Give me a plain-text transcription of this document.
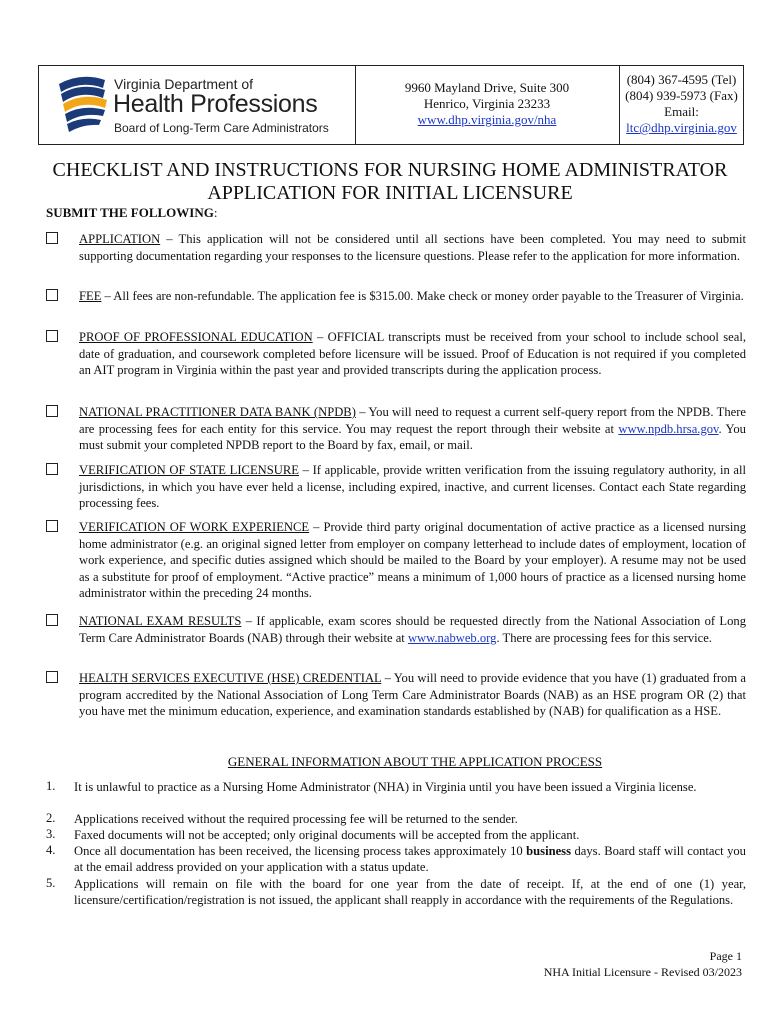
Virginia Department of
Health Professions
Board of Long-Term Care Administrators
9960 Mayland Drive, Suite 300
Henrico, Virginia 23233
www.dhp.virginia.gov/nha
(804) 367-4595 (Tel)
(804) 939-5973 (Fax)
Email:
ltc@dhp.virginia.gov
CHECKLIST AND INSTRUCTIONS FOR NURSING HOME ADMINISTRATOR
APPLICATION FOR INITIAL LICENSURE
SUBMIT THE FOLLOWING:
APPLICATION – This application will not be considered until all sections have been completed. You may need to submit supporting documentation regarding your responses to the licensure questions. Please refer to the application for more information.
FEE – All fees are non-refundable. The application fee is $315.00. Make check or money order payable to the Treasurer of Virginia.
PROOF OF PROFESSIONAL EDUCATION – OFFICIAL transcripts must be received from your school to include school seal, date of graduation, and coursework completed before licensure will be issued. Proof of Education is not required if you completed an AIT program in Virginia within the past year and provided transcripts during the application process.
NATIONAL PRACTITIONER DATA BANK (NPDB) – You will need to request a current self-query report from the NPDB. There are processing fees for each entity for this service. You may request the report through their website at www.npdb.hrsa.gov. You must submit your completed NPDB report to the Board by fax, email, or mail.
VERIFICATION OF STATE LICENSURE – If applicable, provide written verification from the issuing regulatory authority, in all jurisdictions, in which you have ever held a license, including expired, inactive, and current licenses. Contact each State regarding processing fees.
VERIFICATION OF WORK EXPERIENCE – Provide third party original documentation of active practice as a licensed nursing home administrator (e.g. an original signed letter from employer on company letterhead to include dates of employment, location of work experience, and specific duties assigned which should be mailed to the Board by your employer). A resume may not be used as a substitute for proof of employment. “Active practice” means a minimum of 1,000 hours of practice as a licensed nursing home administrator within the preceding 24 months.
NATIONAL EXAM RESULTS – If applicable, exam scores should be requested directly from the National Association of Long Term Care Administrator Boards (NAB) through their website at www.nabweb.org. There are processing fees for this service.
HEALTH SERVICES EXECUTIVE (HSE) CREDENTIAL – You will need to provide evidence that you have (1) graduated from a program accredited by the National Association of Long Term Care Administrator Boards (NAB) as an HSE program OR (2) that you have met the minimum education, experience, and examination standards established by (NAB) for qualification as a HSE.
GENERAL INFORMATION ABOUT THE APPLICATION PROCESS
1. It is unlawful to practice as a Nursing Home Administrator (NHA) in Virginia until you have been issued a Virginia license.
2. Applications received without the required processing fee will be returned to the sender.
3. Faxed documents will not be accepted; only original documents will be accepted from the applicant.
4. Once all documentation has been received, the licensing process takes approximately 10 business days. Board staff will contact you at the email address provided on your application with a status update.
5. Applications will remain on file with the board for one year from the date of receipt. If, at the end of one (1) year, licensure/certification/registration is not issued, the applicant shall reapply in accordance with the requirements of the Regulations.
Page 1
NHA Initial Licensure - Revised 03/2023
